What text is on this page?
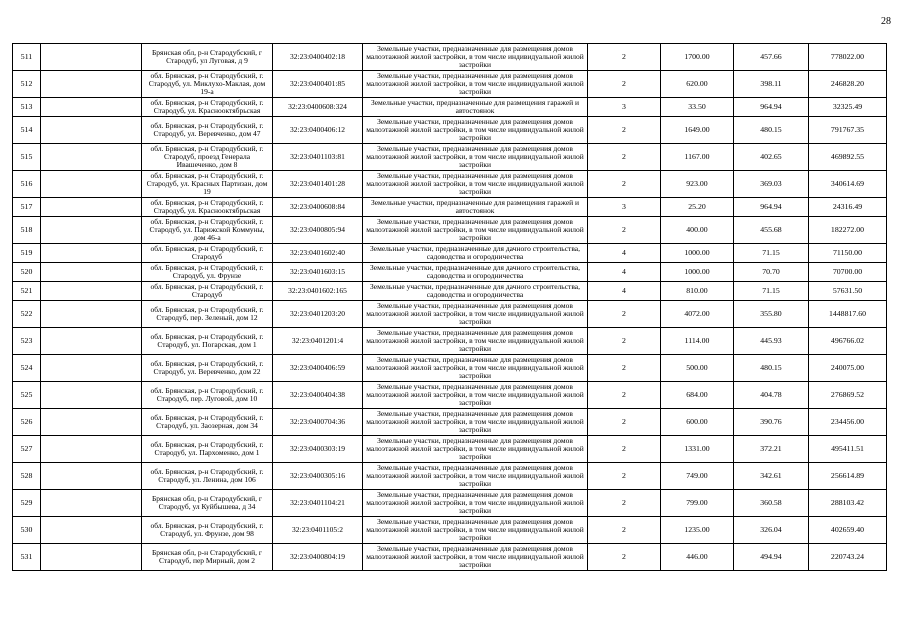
28
511		Брянская обл, р-н Стародубский, г Стародуб, ул Луговая, д 9	32:23:0400402:18	Земельные участки, предназначенные для размещения домов малоэтажной жилой застройки, в том числе индивидуальной жилой застройки	2	1700.00	457.66	778022.00
512		обл. Брянская, р-н Стародубский, г. Стародуб, ул. Миклухо-Маклая, дом 19-а	32:23:0400401:85	Земельные участки, предназначенные для размещения домов малоэтажной жилой застройки, в том числе индивидуальной жилой застройки	2	620.00	398.11	246828.20
513		обл. Брянская, р-н Стародубский, г. Стародуб, ул. Краснооктябрьская	32:23:0400608:324	Земельные участки, предназначенные для размещения гаражей и автостоянок	3	33.50	964.94	32325.49
514		обл. Брянская, р-н Стародубский, г. Стародуб, ул. Веревченко, дом 47	32:23:0400406:12	Земельные участки, предназначенные для размещения домов малоэтажной жилой застройки, в том числе индивидуальной жилой застройки	2	1649.00	480.15	791767.35
515		обл. Брянская, р-н Стародубский, г. Стародуб, проезд Генерала Ивашеченко, дом 8	32:23:0401103:81	Земельные участки, предназначенные для размещения домов малоэтажной жилой застройки, в том числе индивидуальной жилой застройки	2	1167.00	402.65	469892.55
516		обл. Брянская, р-н Стародубский, г. Стародуб, ул. Красных Партизан, дом 19	32:23:0401401:28	Земельные участки, предназначенные для размещения домов малоэтажной жилой застройки, в том числе индивидуальной жилой застройки	2	923.00	369.03	340614.69
517		обл. Брянская, р-н Стародубский, г. Стародуб, ул. Краснооктябрьская	32:23:0400608:84	Земельные участки, предназначенные для размещения гаражей и автостоянок	3	25.20	964.94	24316.49
518		обл. Брянская, р-н Стародубский, г. Стародуб, ул. Парижской Коммуны, дом 46-а	32:23:0400805:94	Земельные участки, предназначенные для размещения домов малоэтажной жилой застройки, в том числе индивидуальной жилой застройки	2	400.00	455.68	182272.00
519		обл. Брянская, р-н Стародубский, г. Стародуб	32:23:0401602:40	Земельные участки, предназначенные для дачного строительства, садоводства и огородничества	4	1000.00	71.15	71150.00
520		обл. Брянская, р-н Стародубский, г. Стародуб, ул. Фрунзе	32:23:0401603:15	Земельные участки, предназначенные для дачного строительства, садоводства и огородничества	4	1000.00	70.70	70700.00
521		обл. Брянская, р-н Стародубский, г. Стародуб	32:23:0401602:165	Земельные участки, предназначенные для дачного строительства, садоводства и огородничества	4	810.00	71.15	57631.50
522		обл. Брянская, р-н Стародубский, г. Стародуб, пер. Зеленый, дом 12	32:23:0401203:20	Земельные участки, предназначенные для размещения домов малоэтажной жилой застройки, в том числе индивидуальной жилой застройки	2	4072.00	355.80	1448817.60
523		обл. Брянская, р-н Стародубский, г. Стародуб, ул. Погарская, дом 1	32:23:0401201:4	Земельные участки, предназначенные для размещения домов малоэтажной жилой застройки, в том числе индивидуальной жилой застройки	2	1114.00	445.93	496766.02
524		обл. Брянская, р-н Стародубский, г. Стародуб, ул. Веревченко, дом 22	32:23:0400406:59	Земельные участки, предназначенные для размещения домов малоэтажной жилой застройки, в том числе индивидуальной жилой застройки	2	500.00	480.15	240075.00
525		обл. Брянская, р-н Стародубский, г. Стародуб, пер. Луговой, дом 10	32:23:0400404:38	Земельные участки, предназначенные для размещения домов малоэтажной жилой застройки, в том числе индивидуальной жилой застройки	2	684.00	404.78	276869.52
526		обл. Брянская, р-н Стародубский, г. Стародуб, ул. Заозерная, дом 34	32:23:0400704:36	Земельные участки, предназначенные для размещения домов малоэтажной жилой застройки, в том числе индивидуальной жилой застройки	2	600.00	390.76	234456.00
527		обл. Брянская, р-н Стародубский, г. Стародуб, ул. Пархоменко, дом 1	32:23:0400303:19	Земельные участки, предназначенные для размещения домов малоэтажной жилой застройки, в том числе индивидуальной жилой застройки	2	1331.00	372.21	495411.51
528		обл. Брянская, р-н Стародубский, г. Стародуб, ул. Ленина, дом 106	32:23:0400305:16	Земельные участки, предназначенные для размещения домов малоэтажной жилой застройки, в том числе индивидуальной жилой застройки	2	749.00	342.61	256614.89
529		Брянская обл, р-н Стародубский, г Стародуб, ул Куйбышева, д 34	32:23:0401104:21	Земельные участки, предназначенные для размещения домов малоэтажной жилой застройки, в том числе индивидуальной жилой застройки	2	799.00	360.58	288103.42
530		обл. Брянская, р-н Стародубский, г. Стародуб, ул. Фрунзе, дом 98	32:23:0401105:2	Земельные участки, предназначенные для размещения домов малоэтажной жилой застройки, в том числе индивидуальной жилой застройки	2	1235.00	326.04	402659.40
531		Брянская обл, р-н Стародубский, г Стародуб, пер Мирный, дом 2	32:23:0400804:19	Земельные участки, предназначенные для размещения домов малоэтажной жилой застройки, в том числе индивидуальной жилой застройки	2	446.00	494.94	220743.24
